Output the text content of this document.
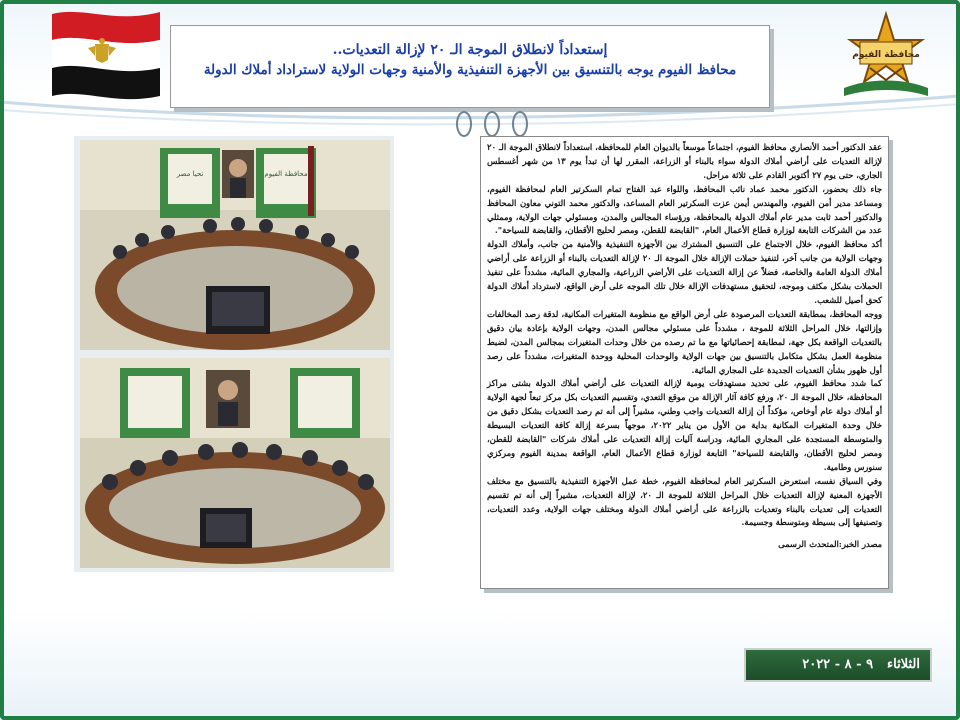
محافظة الفيوم
إستعداداً لانطلاق الموجة الـ ٢٠ لإزالة التعديات..
محافظ الفيوم يوجه بالتنسيق بين الأجهزة التنفيذية والأمنية وجهات الولاية لاستراداد أملاك الدولة
تحيا مصر	محافظة الفيوم

عقد الدكتور أحمد الأنصاري محافظ الفيوم، اجتماعاً موسعاً بالديوان العام للمحافظة، استعداداً لانطلاق الموجة الـ ٢٠ لإزالة التعديات على أراضي أملاك الدولة سواء بالبناء أو الزراعة، المقرر لها أن تبدأ يوم ١٣ من شهر أغسطس الجاري، حتى يوم ٢٧ أكتوبر القادم على ثلاثة مراحل.

جاء ذلك بحضور، الدكتور محمد عماد نائب المحافظ، واللواء عبد الفتاح تمام السكرتير العام لمحافظة الفيوم، ومساعد مدير أمن الفيوم، والمهندس أيمن عزت السكرتير العام المساعد، والدكتور محمد التوني معاون المحافظ والدكتور أحمد ثابت مدير عام أملاك الدولة بالمحافظة، ورؤساء المجالس والمدن، ومسئولي جهات الولاية، وممثلي عدد من الشركات التابعة لوزارة قطاع الأعمال العام، "القابضة للقطن، ومصر لحليج الأقطان، والقابضة للسياحة".

أكد محافظ الفيوم، خلال الاجتماع على التنسيق المشترك بين الأجهزة التنفيذية والأمنية من جانب، وأملاك الدولة وجهات الولاية من جانب آخر، لتنفيذ حملات الإزالة خلال الموجة الـ ٢٠ لإزالة التعديات بالبناء أو الزراعة على أراضي أملاك الدولة العامة والخاصة، فضلاً عن إزالة التعديات على الأراضي الزراعية، والمجاري المائية، مشدداً على تنفيذ الحملات بشكل مكثف وموجه، لتحقيق مستهدفات الإزالة خلال تلك الموجه على أرض الواقع، لاسترداد أملاك الدولة كحق أصيل للشعب.

ووجه المحافظ، بمطابقة التعديات المرصودة على أرض الواقع مع منظومة المتغيرات المكانية، لدقة رصد المخالفات وإزالتها، خلال المراحل الثلاثة للموجة ، مشدداً على مسئولي مجالس المدن، وجهات الولاية بإعادة بيان دقيق بالتعديات الواقعة بكل جهة، لمطابقة إحصائياتها مع ما تم رصده من خلال وحدات المتغيرات بمجالس المدن، لضبط منظومة العمل بشكل متكامل بالتنسيق بين جهات الولاية والوحدات المحلية ووحدة المتغيرات، مشدداً على رصد أول ظهور بشأن التعديات الجديدة على المجاري المائية.

كما شدد محافظ الفيوم، على تحديد مستهدفات يومية لإزالة التعديات على أراضي أملاك الدولة بشتى مراكز المحافظة، خلال الموجة الـ ٢٠، ورفع كافة آثار الإزالة من موقع التعدي، وتقسيم التعديات بكل مركز تبعاً لجهة الولاية أو أملاك دولة عام أوخاص، مؤكداً أن إزالة التعديات واجب وطني، مشيراً إلى أنه تم رصد التعديات بشكل دقيق من خلال وحدة المتغيرات المكانية بداية من الأول من يناير ٢٠٢٢، موجهاً بسرعة إزالة كافة التعديات البسيطة والمتوسطة المستجدة على المجاري المائية، ودراسة آليات إزالة التعديات على أملاك شركات "القابضة للقطن، ومصر لحليج الأقطان، والقابضة للسياحة" التابعة لوزارة قطاع الأعمال العام، الواقعة بمدينة الفيوم ومركزي سنورس وطامية.

وفي السياق نفسه، استعرض السكرتير العام لمحافظة الفيوم، خطة عمل الأجهزة التنفيذية بالتنسيق مع مختلف الأجهزة المعنية لإزالة التعديات خلال المراحل الثلاثة للموجة الـ ٢٠، لإزالة التعديات، مشيراً إلى أنه تم تقسيم التعديات إلى تعديات بالبناء وتعديات بالزراعة على أراضي أملاك الدولة ومختلف جهات الولاية، وعدد التعديات، وتصنيفها إلى بسيطة ومتوسطة وجسيمة.

مصدر الخبر:المتحدث الرسمى
الثلاثاء٩ - ٨ - ٢٠٢٢
